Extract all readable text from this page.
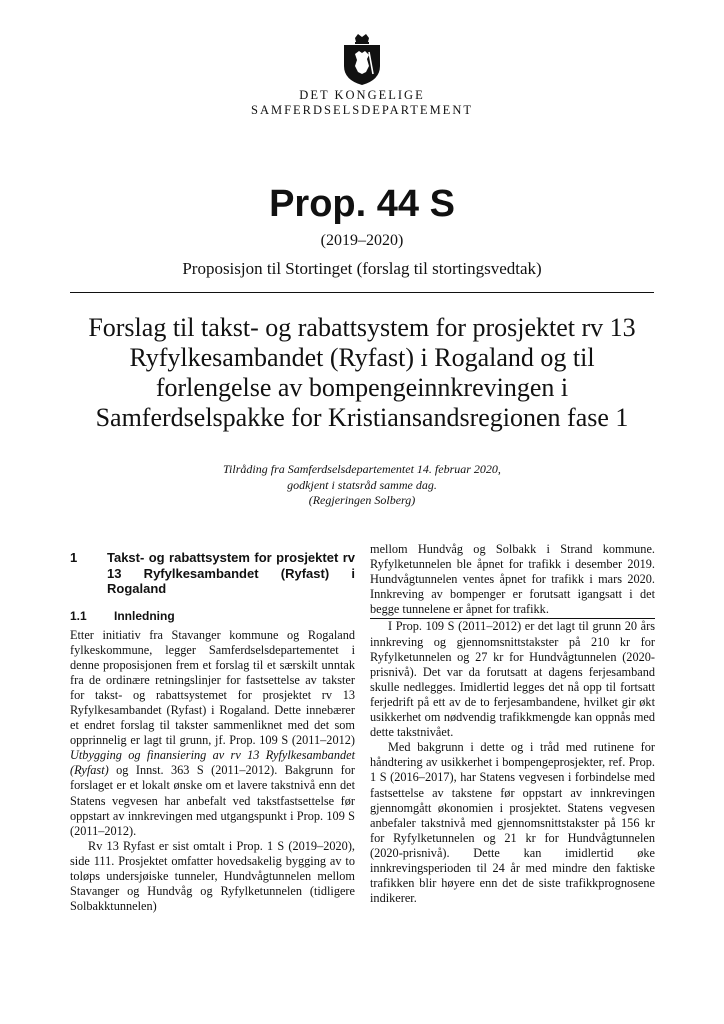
DET KONGELIGE
SAMFERDSELSDEPARTEMENT
Prop. 44 S
(2019–2020)
Proposisjon til Stortinget (forslag til stortingsvedtak)
Forslag til takst- og rabattsystem for prosjektet rv 13
Ryfylkesambandet (Ryfast) i Rogaland og til
forlengelse av bompengeinnkrevingen i
Samferdselspakke for Kristiansandsregionen fase 1
Tilråding fra Samferdselsdepartementet 14. februar 2020,
godkjent i statsråd samme dag.
(Regjeringen Solberg)
1	Takst- og rabattsystem for prosjektet rv 13 Ryfylkesambandet (Ryfast) i Rogaland
1.1	Innledning

Etter initiativ fra Stavanger kommune og Rogaland fylkeskommune, legger Samferdselsdepartementet i denne proposisjonen frem et forslag til et særskilt unntak fra de ordinære retningslinjer for fastsettelse av takster for takst- og rabattsystemet for prosjektet rv 13 Ryfylkesambandet (Ryfast) i Rogaland. Dette innebærer et endret forslag til takster sammenliknet med det som opprinnelig er lagt til grunn, jf. Prop. 109 S (2011–2012) Utbygging og finansiering av rv 13 Ryfylkesambandet (Ryfast) og Innst. 363 S (2011–2012). Bakgrunn for forslaget er et lokalt ønske om et lavere takstnivå enn det Statens vegvesen har anbefalt ved takstfastsettelse før oppstart av innkrevingen med utgangspunkt i Prop. 109 S (2011–2012).

Rv 13 Ryfast er sist omtalt i Prop. 1 S (2019–2020), side 111. Prosjektet omfatter hovedsakelig bygging av to toløps undersjøiske tunneler, Hundvågtunnelen mellom Stavanger og Hundvåg og Ryfylketunnelen (tidligere Solbakktunnelen)

mellom Hundvåg og Solbakk i Strand kommune. Ryfylketunnelen ble åpnet for trafikk i desember 2019. Hundvågtunnelen ventes åpnet for trafikk i mars 2020. Innkreving av bompenger er forutsatt igangsatt i det begge tunnelene er åpnet for trafikk.

I Prop. 109 S (2011–2012) er det lagt til grunn 20 års innkreving og gjennomsnittstakster på 210 kr for Ryfylketunnelen og 27 kr for Hundvågtunnelen (2020-prisnivå). Det var da forutsatt at dagens ferjesamband skulle nedlegges. Imidlertid legges det nå opp til fortsatt ferjedrift på ett av de to ferjesambandene, hvilket gir økt usikkerhet om nødvendig trafikkmengde kan oppnås med dette takstnivået.

Med bakgrunn i dette og i tråd med rutinene for håndtering av usikkerhet i bompengeprosjekter, ref. Prop. 1 S (2016–2017), har Statens vegvesen i forbindelse med fastsettelse av takstene før oppstart av innkrevingen gjennomgått økonomien i prosjektet. Statens vegvesen anbefaler takstnivå med gjennomsnittstakster på 156 kr for Ryfylketunnelen og 21 kr for Hundvågtunnelen (2020-prisnivå). Dette kan imidlertid øke innkrevingsperioden til 24 år med mindre den faktiske trafikken blir høyere enn det de siste trafikkprognosene indikerer.
